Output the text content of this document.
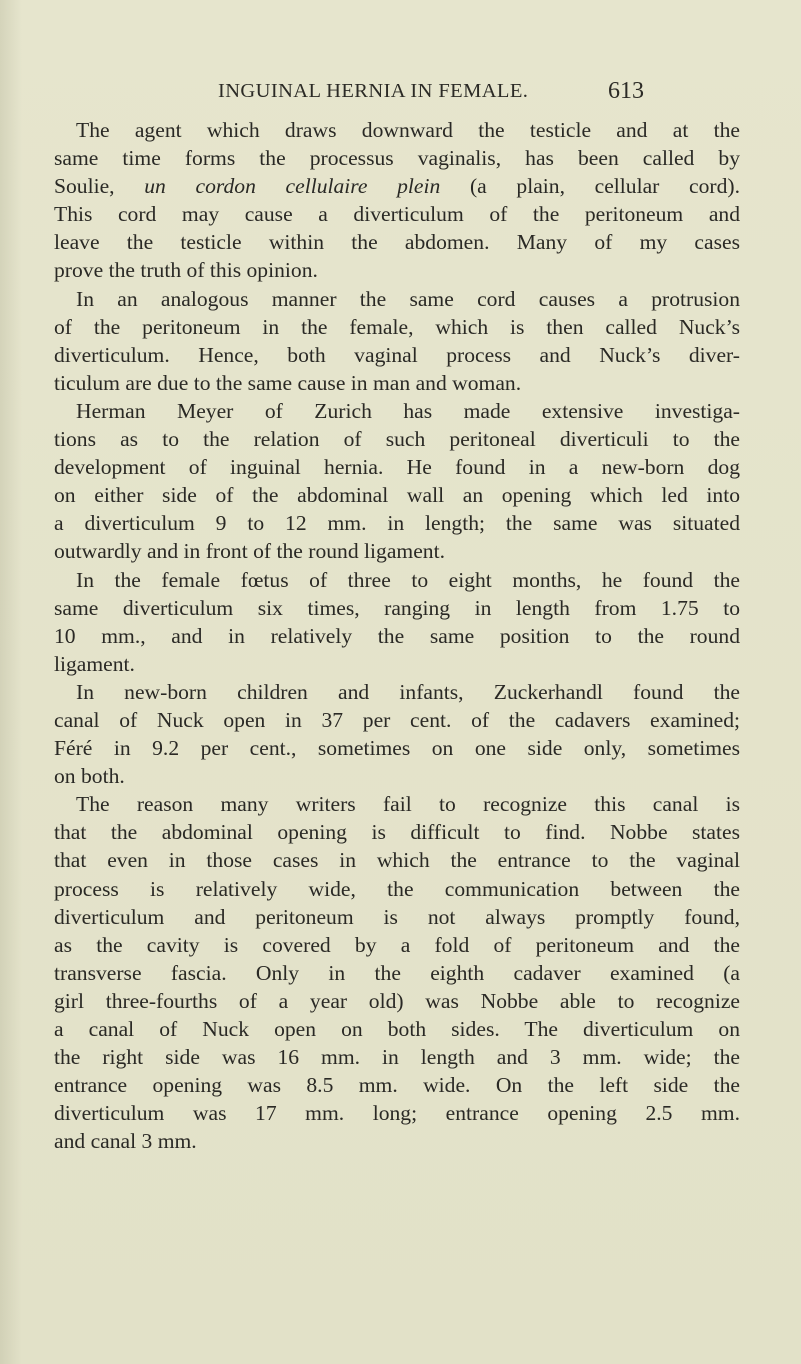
INGUINAL HERNIA IN FEMALE.	613
The agent which draws downward the testicle and at the
same time forms the processus vaginalis, has been called by
Soulie, un cordon cellulaire plein (a plain, cellular cord).
This cord may cause a diverticulum of the peritoneum and
leave the testicle within the abdomen. Many of my cases
prove the truth of this opinion.
In an analogous manner the same cord causes a protrusion
of the peritoneum in the female, which is then called Nuck’s
diverticulum. Hence, both vaginal process and Nuck’s diver-
ticulum are due to the same cause in man and woman.
Herman Meyer of Zurich has made extensive investiga-
tions as to the relation of such peritoneal diverticuli to the
development of inguinal hernia. He found in a new-born dog
on either side of the abdominal wall an opening which led into
a diverticulum 9 to 12 mm. in length; the same was situated
outwardly and in front of the round ligament.
In the female fœtus of three to eight months, he found the
same diverticulum six times, ranging in length from 1.75 to
10 mm., and in relatively the same position to the round
ligament.
In new-born children and infants, Zuckerhandl found the
canal of Nuck open in 37 per cent. of the cadavers examined;
Féré in 9.2 per cent., sometimes on one side only, sometimes
on both.
The reason many writers fail to recognize this canal is
that the abdominal opening is difficult to find. Nobbe states
that even in those cases in which the entrance to the vaginal
process is relatively wide, the communication between the
diverticulum and peritoneum is not always promptly found,
as the cavity is covered by a fold of peritoneum and the
transverse fascia. Only in the eighth cadaver examined (a
girl three-fourths of a year old) was Nobbe able to recognize
a canal of Nuck open on both sides. The diverticulum on
the right side was 16 mm. in length and 3 mm. wide; the
entrance opening was 8.5 mm. wide. On the left side the
diverticulum was 17 mm. long; entrance opening 2.5 mm.
and canal 3 mm.
